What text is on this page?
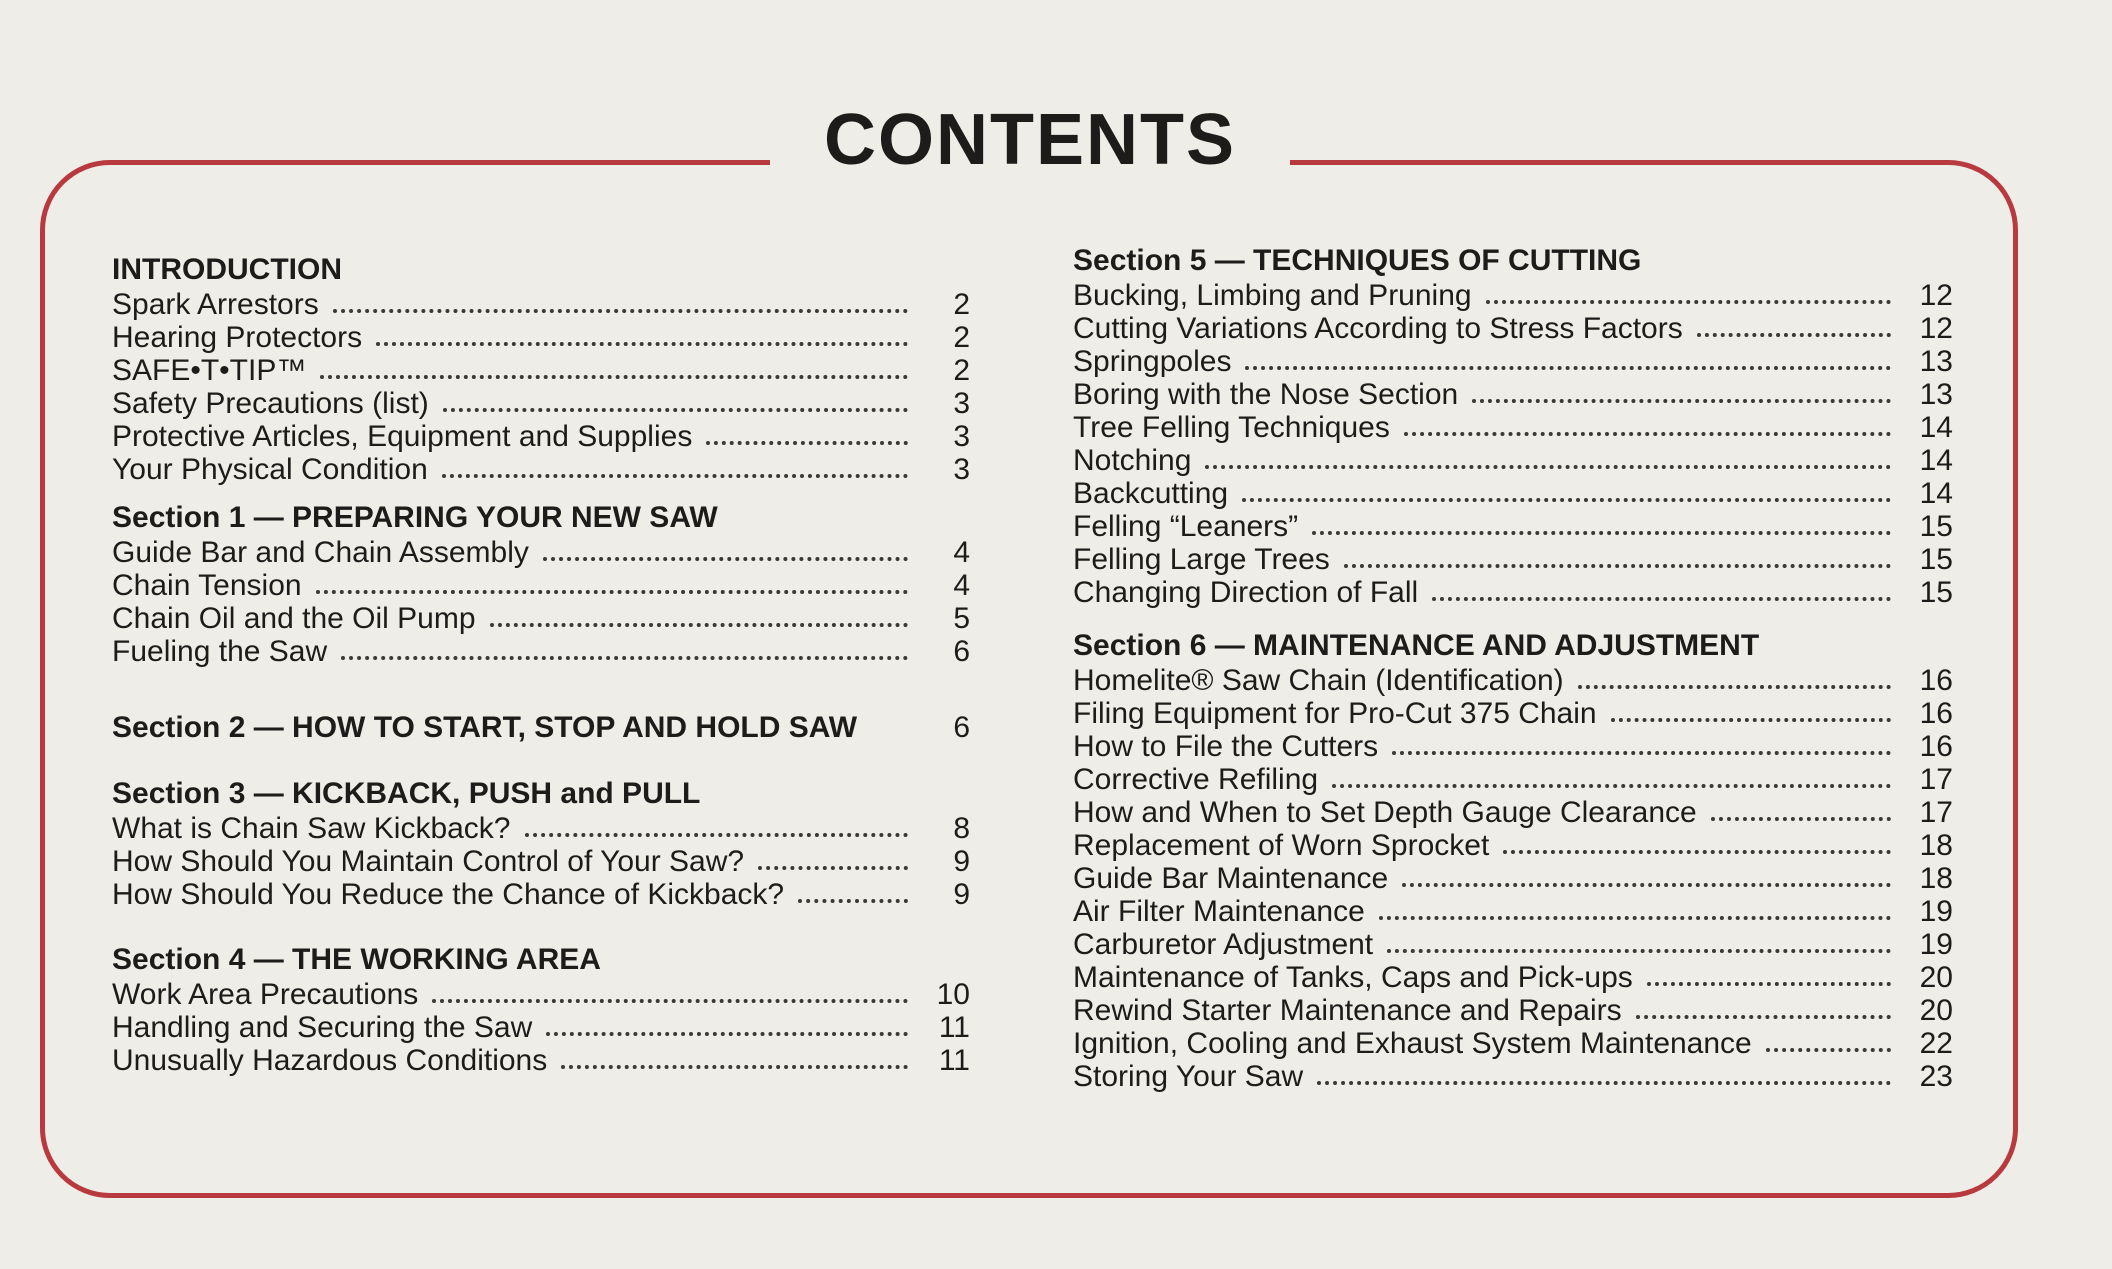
CONTENTS
INTRODUCTION
Spark Arrestors	2
Hearing Protectors	2
SAFE•T•TIP™	2
Safety Precautions (list)	3
Protective Articles, Equipment and Supplies	3
Your Physical Condition	3
Section 1 — PREPARING YOUR NEW SAW
Guide Bar and Chain Assembly	4
Chain Tension	4
Chain Oil and the Oil Pump	5
Fueling the Saw	6
Section 2 — HOW TO START, STOP AND HOLD SAW	6
Section 3 — KICKBACK, PUSH and PULL
What is Chain Saw Kickback?	8
How Should You Maintain Control of Your Saw?	9
How Should You Reduce the Chance of Kickback?	9
Section 4 — THE WORKING AREA
Work Area Precautions	10
Handling and Securing the Saw	11
Unusually Hazardous Conditions	11
Section 5 — TECHNIQUES OF CUTTING
Bucking, Limbing and Pruning	12
Cutting Variations According to Stress Factors	12
Springpoles	13
Boring with the Nose Section	13
Tree Felling Techniques	14
Notching	14
Backcutting	14
Felling “Leaners”	15
Felling Large Trees	15
Changing Direction of Fall	15
Section 6 — MAINTENANCE AND ADJUSTMENT
Homelite® Saw Chain (Identification)	16
Filing Equipment for Pro-Cut 375 Chain	16
How to File the Cutters	16
Corrective Refiling	17
How and When to Set Depth Gauge Clearance	17
Replacement of Worn Sprocket	18
Guide Bar Maintenance	18
Air Filter Maintenance	19
Carburetor Adjustment	19
Maintenance of Tanks, Caps and Pick-ups	20
Rewind Starter Maintenance and Repairs	20
Ignition, Cooling and Exhaust System Maintenance	22
Storing Your Saw	23
